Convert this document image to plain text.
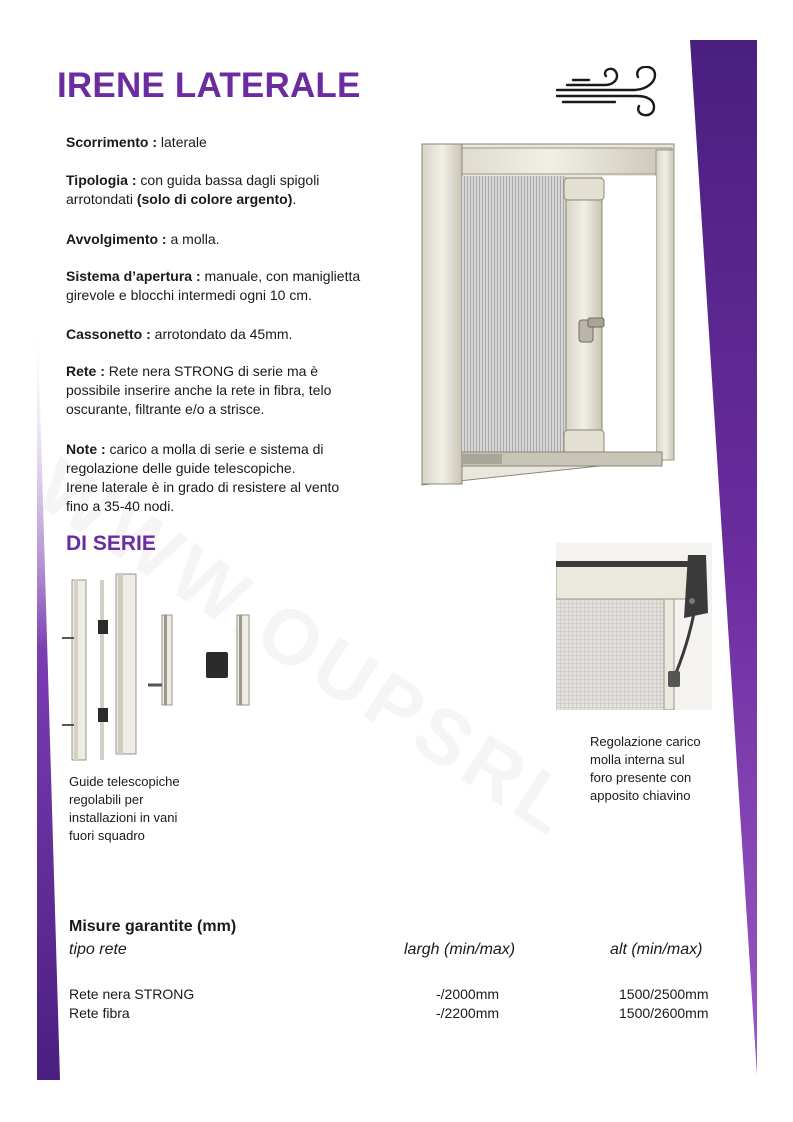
IRENE LATERALE
Scorrimento : laterale
Tipologia : con guida bassa dagli spigoli arrotondati (solo di colore argento).
Avvolgimento : a molla.
Sistema d’apertura : manuale, con maniglietta girevole e blocchi intermedi ogni 10 cm.
Cassonetto : arrotondato da 45mm.
Rete : Rete nera STRONG di serie ma è possibile inserire anche la rete in fibra, telo oscurante, filtrante e/o a strisce.
Note : carico a molla di serie e sistema di regolazione delle guide telescopiche.
Irene laterale è in grado di resistere al vento fino a 35-40 nodi.
DI SERIE
Guide telescopiche regolabili per installazioni in vani fuori squadro
Regolazione carico molla interna sul foro presente con apposito chiavino
Misure garantite (mm)
tipo rete	largh (min/max)	alt (min/max)
Rete nera STRONG	-/2000mm	1500/2500mm
Rete fibra	-/2200mm	1500/2600mm
